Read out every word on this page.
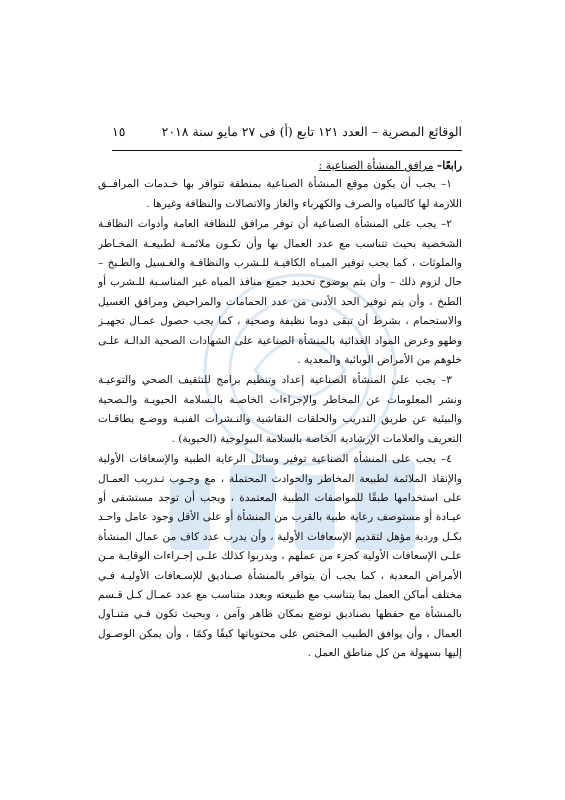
الوقائع المصرية – العدد ١٢١ تابع (أ) فى ٢٧ مايو سنة ٢٠١٨
١٥

رابعًا– مرافق المنشأة الصناعية :

١– يجب أن يكون موقع المنشأة الصناعية بمنطقة تتوافر بها خـدمات المرافــق اللازمة لها كالمياه والصرف والكهرباء والغاز والاتصالات والنظافة وغيرها .

٢– يجب على المنشأة الصناعية أن توفر مرافق للنظافة العامة وأدوات النظافـة الشخصية بحيث تتناسب مع عدد العمال بها وأن تكـون ملائمـة لطبيعـة المخـاطر والملوثات ، كما يجب توفير الميـاه الكافيـة للـشرب والنظافـة والغـسيل والطـبخ – حال لزوم ذلك – وأن يتم بوضوح تحديد جميع منافذ المياه غير المناسـبة للـشرب أو الطبخ ، وأن يتم توفير الحد الأدنى من عدد الحمامات والمراحيض ومرافق الغسيل والاستحمام ، بشرط أن تبقى دوما نظيفة وصحية ، كما يجب حصول عمـال تجهيـز وطهو وعرض المواد الغذائية بالمنشأة الصناعية على الشهادات الصحية الدالـة علـى خلوهم من الأمراض الوبائية والمعدية .

٣– يجب على المنشأة الصناعية إعداد وتنظيم برامج للتثقيف الصحي والتوعيـة ونشر المعلومات عن المخاطر والإجراءات الخاصـة بالـسلامة الحيويـة والـصحية والبيئية عن طريق التدريب والحلقات النقاشية والنـشرات الفنيـة ووضـع بطاقـات التعريف والعلامات الإرشادية الخاصة بالسلامة البيولوجية (الحيوية) .

٤– يجب على المنشأة الصناعية توفير وسائل الرعاية الطبية والإسعافات الأولية والإنقاذ الملائمة لطبيعة المخاطر والحوادث المحتملة ، مع وجـوب تـدريب العمـال على استخدامها طبقًا للمواصفات الطبية المعتمدة ، ويجب أن توجد مستشفى أو عيـادة أو مستوصف رعاية طبية بالقرب من المنشأة أو على الأقل وجود عامل واحـد بكـل وردية مؤهل لتقديم الإسعافات الأولية ، وأن يدرب عدد كاف من عمال المنشأة علـى الإسعافات الأولية كجزء من عملهم ، ويدربوا كذلك علـى إجـراءات الوقايـة مـن الأمراض المعدية ، كما يجب أن يتوافر بالمنشأة صـناديق للإسـعافات الأوليـة فـي مختلف أماكن العمل بما يتناسب مع طبيعته وبعدد متناسب مع عدد عمـال كـل قـسم بالمنشأة مع حفظها بصناديق توضع بمكان ظاهر وآمن ، وبحيث تكون فـي متنـاول العمال ، وأن يوافق الطبيب المختص على محتوياتها كيفًا وكمًا ، وأن يمكن الوصـول إليها بسهولة من كل مناطق العمل .
